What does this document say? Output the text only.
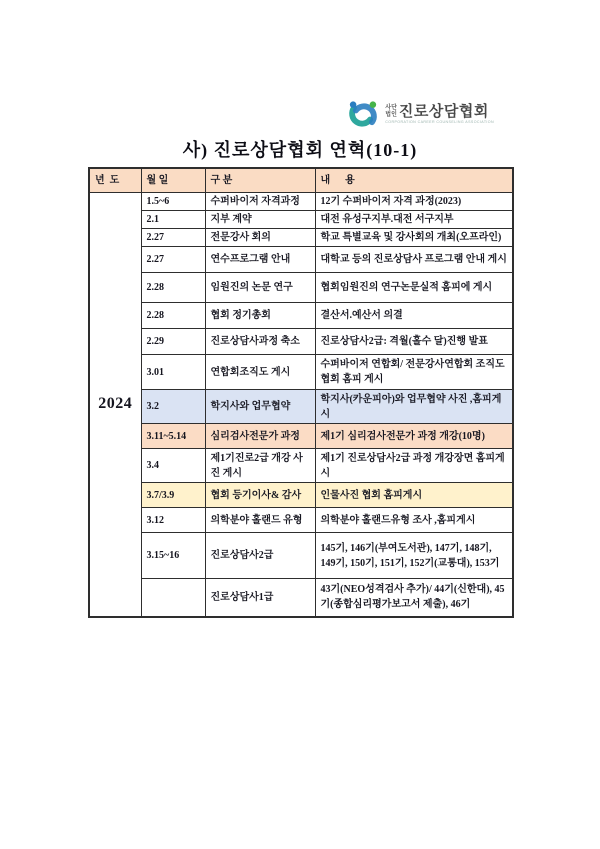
사단
법인 진로상담협회
CORPORATION CAREER COUNSELING ASSOCIATION
사) 진로상담협회 연혁(10-1)
년  도	월 일	구 분	내      용
2024	1.5~6	수퍼바이저 자격과정	12기 수퍼바이저 자격 과정(2023)
	2.1	지부 계약	대전 유성구지부.대전 서구지부
	2.27	전문강사 회의	학교 특별교육 및 강사회의 개최(오프라인)
	2.27	연수프로그램 안내	대학교 등의 진로상담사 프로그램 안내 게시
	2.28	임원진의 논문 연구	협회임원진의 연구논문실적 홈피에 게시
	2.28	협회 정기총회	결산서.예산서 의결
	2.29	진로상담사과정 축소	진로상담사2급: 격월(홀수 달)진행 발표
	3.01	연합회조직도 게시	수퍼바이저 연합회/ 전문강사연합회 조직도 협회 홈피 게시
	3.2	학지사와 업무협약	학지사(카운피아)와 업무협약 사진 ,홈피게시
	3.11~5.14	심리검사전문가 과정	제1기 심리검사전문가 과정 개강(10명)
	3.4	제1기진로2급 개강 사진 게시	제1기 진로상담사2급 과정 개강장면 홈피게시
	3.7/3.9	협회 등기이사& 감사	인물사진 협회 홈피게시
	3.12	의학분야 홀랜드 유형	의학분야 홀랜드유형 조사 ,홈피게시
	3.15~16	진로상담사2급	145기, 146기(부여도서관), 147기, 148기, 149기, 150기, 151기, 152기(교통대), 153기
		진로상담사1급	43기(NEO성격검사 추가)/ 44기(신한대), 45기(종합심리평가보고서 제출), 46기
